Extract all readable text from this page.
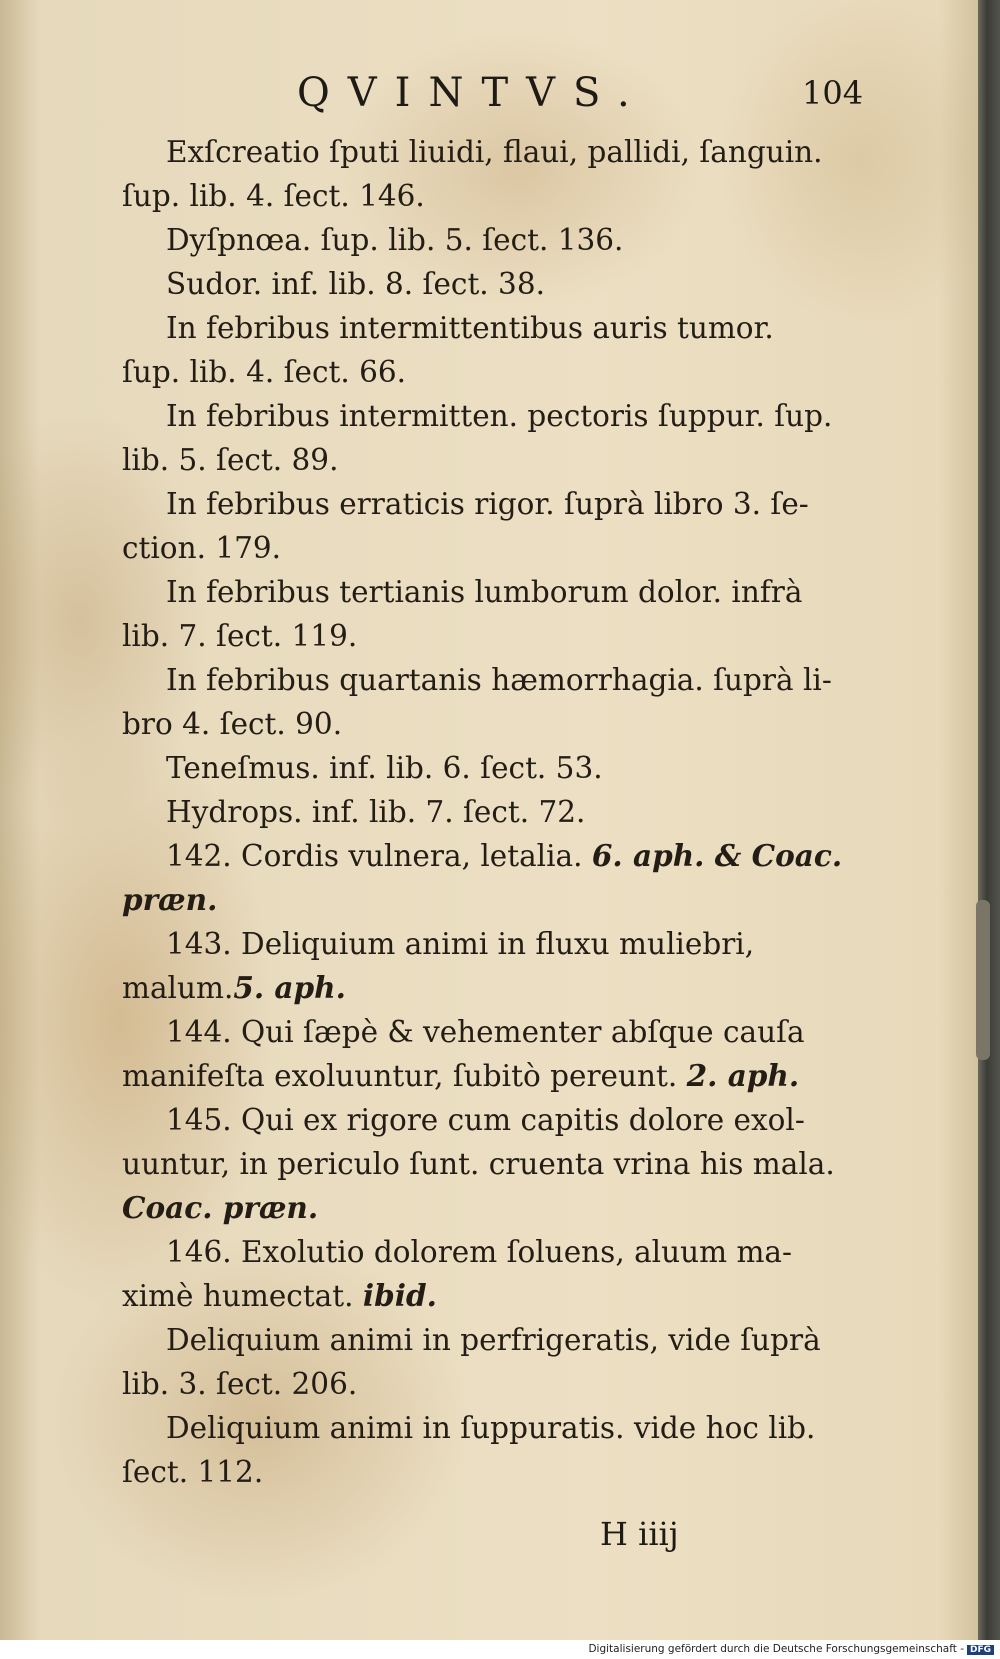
QVINTVS.	104
Exſcreatio ſputi liuidi, flaui, pallidi, ſanguin.
ſup. lib. 4. ſect. 146.
Dyſpnœa. ſup. lib. 5. ſect. 136.
Sudor. inf. lib. 8. ſect. 38.
In febribus intermittentibus auris tumor.
ſup. lib. 4. ſect. 66.
In febribus intermitten. pectoris ſuppur. ſup.
lib. 5. ſect. 89.
In febribus erraticis rigor. ſuprà libro 3. ſe-
ction. 179.
In febribus tertianis lumborum dolor. infrà
lib. 7. ſect. 119.
In febribus quartanis hæmorrhagia. ſuprà li-
bro 4. ſect. 90.
Teneſmus. inf. lib. 6. ſect. 53.
Hydrops. inf. lib. 7. ſect. 72.
142. Cordis vulnera, letalia. 6. aph. & Coac.
præn.
143. Deliquium animi in fluxu muliebri,
malum.5. aph.
144. Qui ſæpè & vehementer abſque cauſa
manifeſta exoluuntur, ſubitò pereunt. 2. aph.
145. Qui ex rigore cum capitis dolore exol-
uuntur, in periculo ſunt. cruenta vrina his mala.
Coac. præn.
146. Exolutio dolorem ſoluens, aluum ma-
ximè humectat. ibid.
Deliquium animi in perfrigeratis, vide ſuprà
lib. 3. ſect. 206.
Deliquium animi in ſuppuratis. vide hoc lib.
ſect. 112.
H iiij
Digitalisierung gefördert durch die Deutsche Forschungsgemeinschaft - DFG
